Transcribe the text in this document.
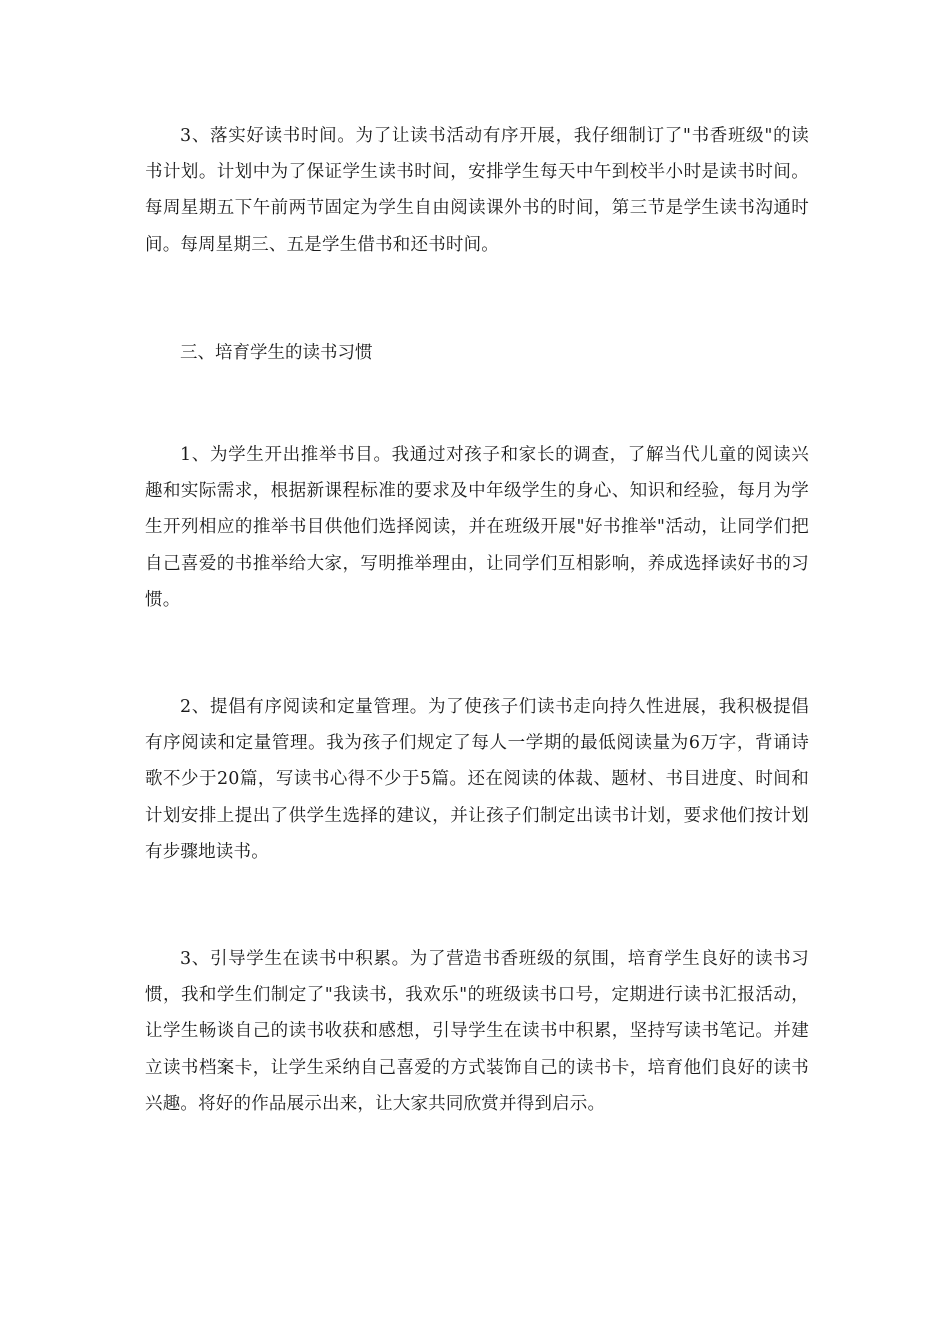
3、落实好读书时间。为了让读书活动有序开展，我仔细制订了"书香班级"的读书计划。计划中为了保证学生读书时间，安排学生每天中午到校半小时是读书时间。每周星期五下午前两节固定为学生自由阅读课外书的时间，第三节是学生读书沟通时间。每周星期三、五是学生借书和还书时间。

三、培育学生的读书习惯

1、为学生开出推举书目。我通过对孩子和家长的调查，了解当代儿童的阅读兴趣和实际需求，根据新课程标准的要求及中年级学生的身心、知识和经验，每月为学生开列相应的推举书目供他们选择阅读，并在班级开展"好书推举"活动，让同学们把自己喜爱的书推举给大家，写明推举理由，让同学们互相影响，养成选择读好书的习惯。

2、提倡有序阅读和定量管理。为了使孩子们读书走向持久性进展，我积极提倡有序阅读和定量管理。我为孩子们规定了每人一学期的最低阅读量为6万字，背诵诗歌不少于20篇，写读书心得不少于5篇。还在阅读的体裁、题材、书目进度、时间和计划安排上提出了供学生选择的建议，并让孩子们制定出读书计划，要求他们按计划有步骤地读书。

3、引导学生在读书中积累。为了营造书香班级的氛围，培育学生良好的读书习惯，我和学生们制定了"我读书，我欢乐"的班级读书口号，定期进行读书汇报活动，让学生畅谈自己的读书收获和感想，引导学生在读书中积累，坚持写读书笔记。并建立读书档案卡，让学生采纳自己喜爱的方式装饰自己的读书卡，培育他们良好的读书兴趣。将好的作品展示出来，让大家共同欣赏并得到启示。
